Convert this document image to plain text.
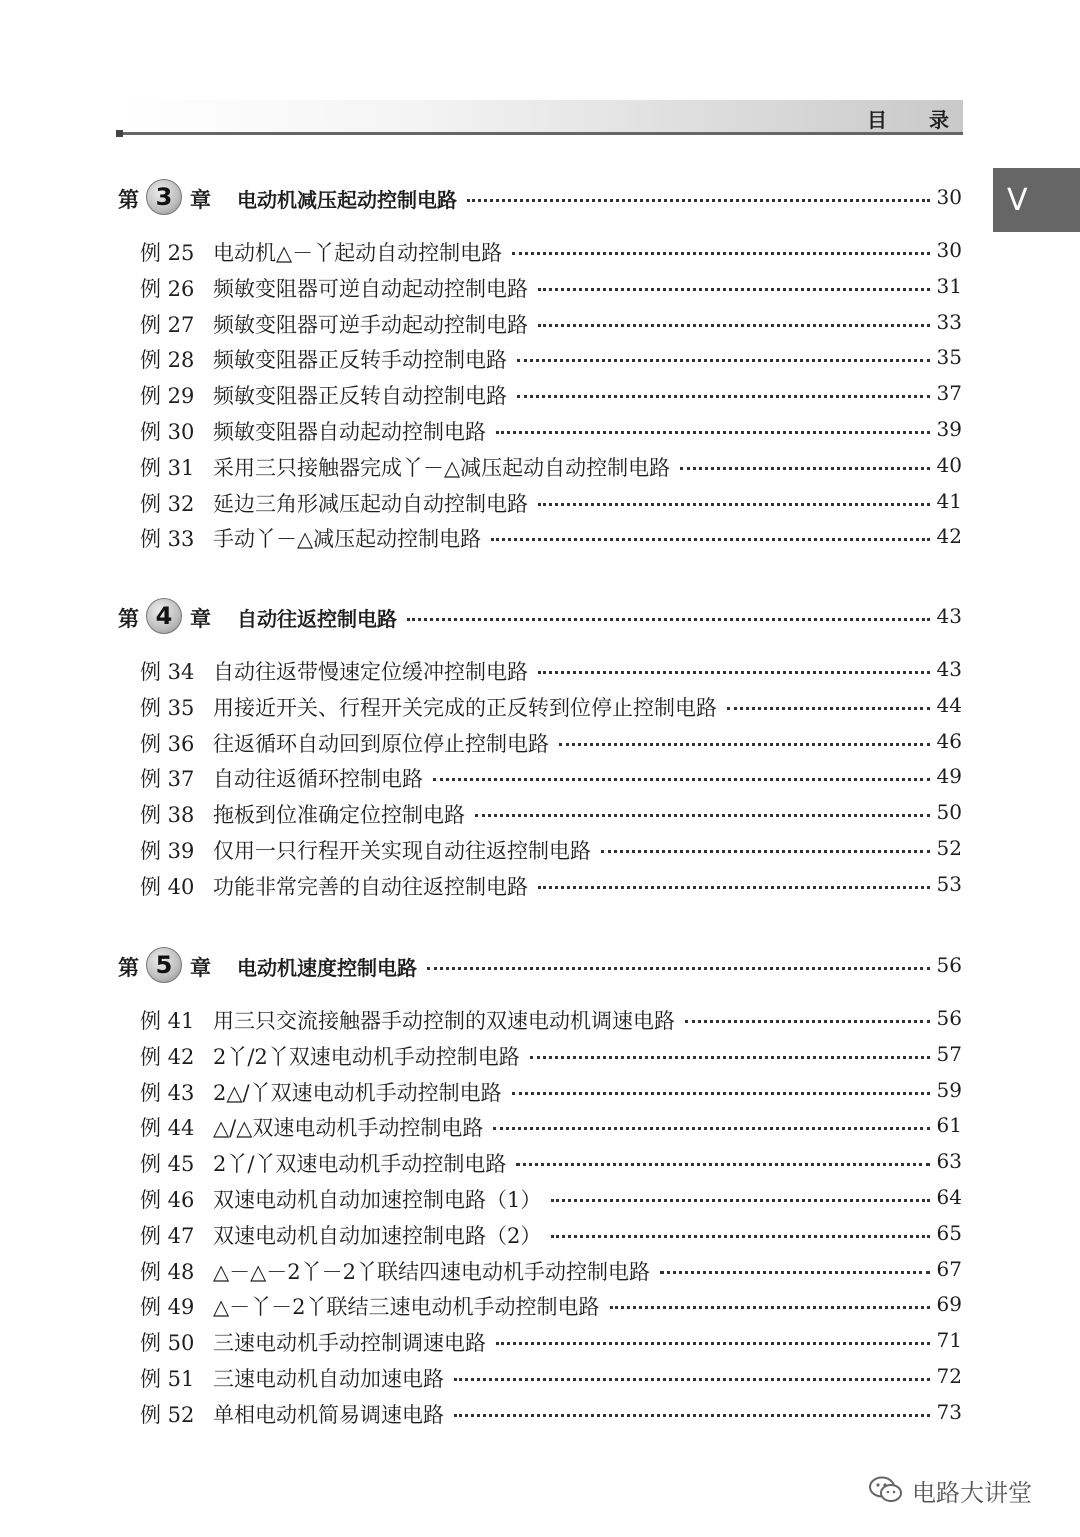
目录
V
第 3 章 电动机减压起动控制电路	30
例 25 电动机△－丫起动自动控制电路	30
例 26 频敏变阻器可逆自动起动控制电路	31
例 27 频敏变阻器可逆手动起动控制电路	33
例 28 频敏变阻器正反转手动控制电路	35
例 29 频敏变阻器正反转自动控制电路	37
例 30 频敏变阻器自动起动控制电路	39
例 31 采用三只接触器完成丫－△减压起动自动控制电路	40
例 32 延边三角形减压起动自动控制电路	41
例 33 手动丫－△减压起动控制电路	42
第 4 章 自动往返控制电路	43
例 34 自动往返带慢速定位缓冲控制电路	43
例 35 用接近开关、行程开关完成的正反转到位停止控制电路	44
例 36 往返循环自动回到原位停止控制电路	46
例 37 自动往返循环控制电路	49
例 38 拖板到位准确定位控制电路	50
例 39 仅用一只行程开关实现自动往返控制电路	52
例 40 功能非常完善的自动往返控制电路	53
第 5 章 电动机速度控制电路	56
例 41 用三只交流接触器手动控制的双速电动机调速电路	56
例 42 2丫/2丫双速电动机手动控制电路	57
例 43 2△/丫双速电动机手动控制电路	59
例 44 △/△双速电动机手动控制电路	61
例 45 2丫/丫双速电动机手动控制电路	63
例 46 双速电动机自动加速控制电路（1）	64
例 47 双速电动机自动加速控制电路（2）	65
例 48 △－△－2丫－2丫联结四速电动机手动控制电路	67
例 49 △－丫－2丫联结三速电动机手动控制电路	69
例 50 三速电动机手动控制调速电路	71
例 51 三速电动机自动加速电路	72
例 52 单相电动机简易调速电路	73
电路大讲堂
